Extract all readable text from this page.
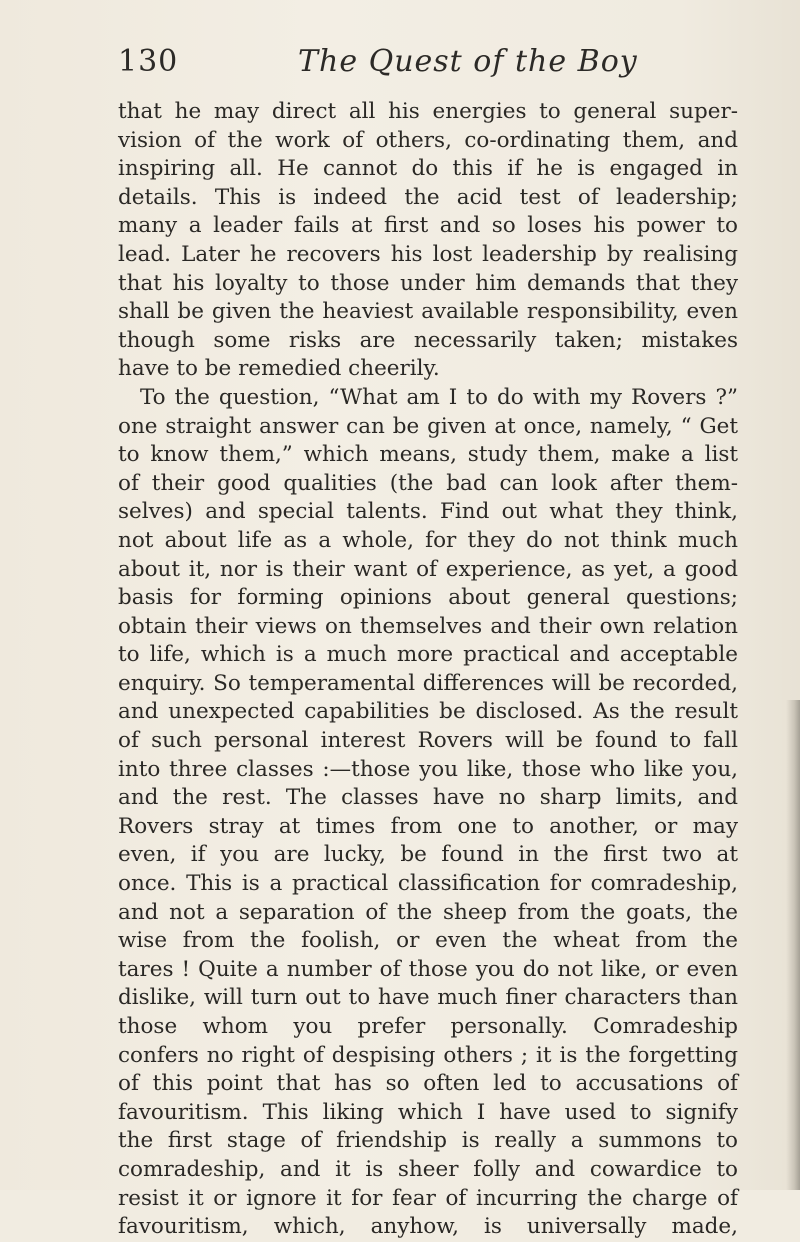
130	The Quest of the Boy
that he may direct all his energies to general super-
vision of the work of others, co-ordinating them, and
inspiring all. He cannot do this if he is engaged in
details. This is indeed the acid test of leadership;
many a leader fails at first and so loses his power to
lead. Later he recovers his lost leadership by realising
that his loyalty to those under him demands that they
shall be given the heaviest available responsibility, even
though some risks are necessarily taken; mistakes
have to be remedied cheerily.
To the question, “What am I to do with my Rovers ?”
one straight answer can be given at once, namely, “ Get
to know them,” which means, study them, make a list
of their good qualities (the bad can look after them-
selves) and special talents. Find out what they think,
not about life as a whole, for they do not think much
about it, nor is their want of experience, as yet, a good
basis for forming opinions about general questions;
obtain their views on themselves and their own relation
to life, which is a much more practical and acceptable
enquiry. So temperamental differences will be recorded,
and unexpected capabilities be disclosed. As the result
of such personal interest Rovers will be found to fall
into three classes :—those you like, those who like you,
and the rest. The classes have no sharp limits, and
Rovers stray at times from one to another, or may
even, if you are lucky, be found in the first two at
once. This is a practical classification for comradeship,
and not a separation of the sheep from the goats, the
wise from the foolish, or even the wheat from the
tares ! Quite a number of those you do not like, or even
dislike, will turn out to have much finer characters than
those whom you prefer personally. Comradeship
confers no right of despising others ; it is the forgetting
of this point that has so often led to accusations of
favouritism. This liking which I have used to signify
the first stage of friendship is really a summons to
comradeship, and it is sheer folly and cowardice to
resist it or ignore it for fear of incurring the charge of
favouritism, which, anyhow, is universally made,
